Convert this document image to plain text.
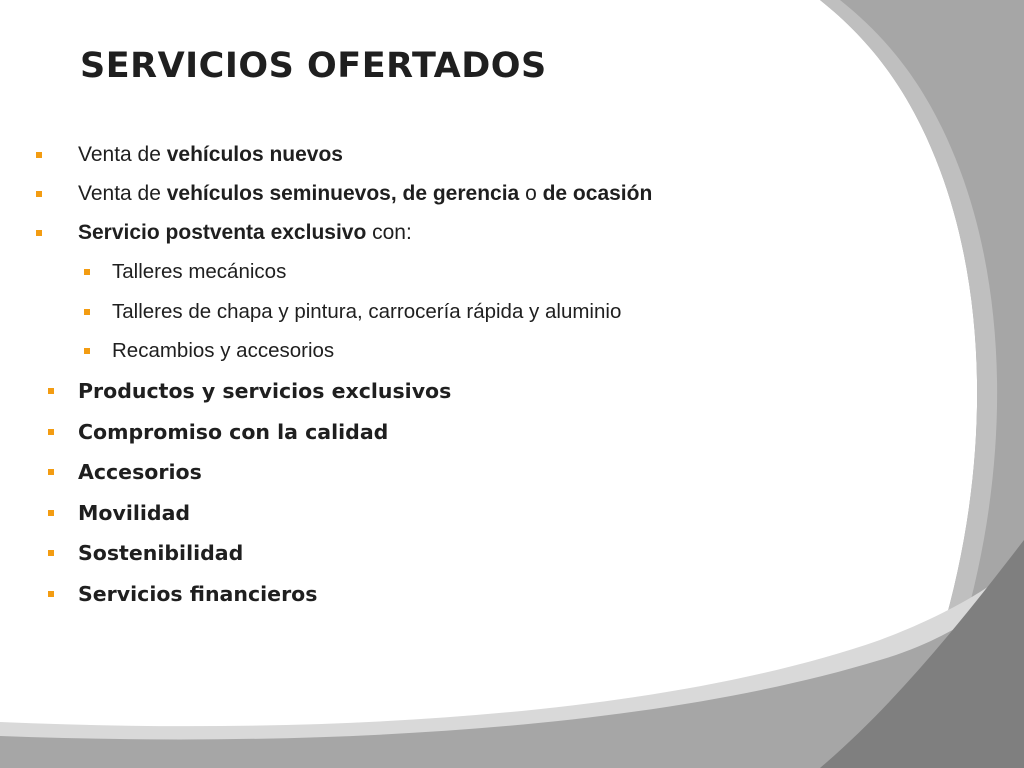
SERVICIOS OFERTADOS
Venta de vehículos nuevos
Venta de vehículos seminuevos, de gerencia o de ocasión
Servicio postventa exclusivo con:
Talleres mecánicos
Talleres de chapa y pintura, carrocería rápida y aluminio
Recambios y accesorios
Productos y servicios exclusivos
Compromiso con la calidad
Accesorios
Movilidad
Sostenibilidad
Servicios financieros
